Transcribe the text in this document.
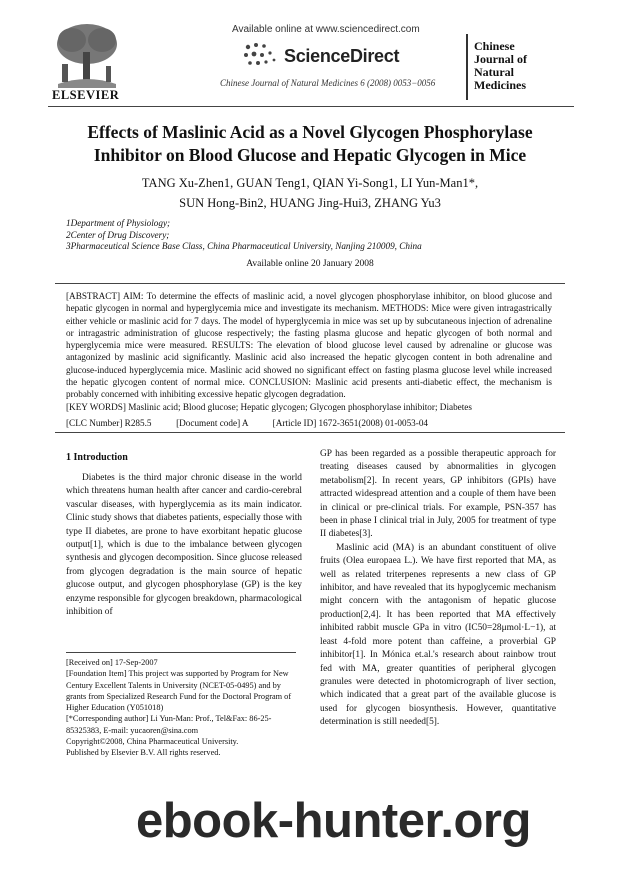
ELSEVIER
Available online at www.sciencedirect.com
ScienceDirect
Chinese Journal of Natural Medicines 6 (2008) 0053−0056
Chinese
Journal of
Natural
Medicines
Effects of Maslinic Acid as a Novel Glycogen Phosphorylase
Inhibitor on Blood Glucose and Hepatic Glycogen in Mice
TANG Xu-Zhen1, GUAN Teng1, QIAN Yi-Song1, LI Yun-Man1*,
SUN Hong-Bin2, HUANG Jing-Hui3, ZHANG Yu3
1Department of Physiology;
2Center of Drug Discovery;
3Pharmaceutical Science Base Class, China Pharmaceutical University, Nanjing 210009, China
Available online 20 January 2008
[ABSTRACT] AIM: To determine the effects of maslinic acid, a novel glycogen phosphorylase inhibitor, on blood glucose and hepatic glycogen in normal and hyperglycemia mice and investigate its mechanism. METHODS: Mice were given intragastrically either vehicle or maslinic acid for 7 days. The model of hyperglycemia in mice was set up by subcutaneous injection of adrenaline or intragastric administration of glucose respectively; the fasting plasma glucose and hepatic glycogen of both normal and hyperglycemia mice were measured. RESULTS: The elevation of blood glucose level caused by adrenaline or glucose was antagonized by maslinic acid significantly. Maslinic acid also increased the hepatic glycogen content in both adrenaline and glucose-induced hyperglycemia mice. Maslinic acid showed no significant effect on fasting plasma glucose level while increased the hepatic glycogen content of normal mice. CONCLUSION: Maslinic acid presents anti-diabetic effect, the mechanism is probably concerned with inhibiting excessive hepatic glycogen degradation.
[KEY WORDS] Maslinic acid; Blood glucose; Hepatic glycogen; Glycogen phosphorylase inhibitor; Diabetes
[CLC Number] R285.5	[Document code] A	[Article ID] 1672-3651(2008) 01-0053-04
1 Introduction

Diabetes is the third major chronic disease in the world which threatens human health after cancer and cardio-cerebral vascular diseases, with hyperglycemia as its main indicator. Clinic study shows that diabetes patients, especially those with type II diabetes, are prone to have exorbitant hepatic glucose output[1], which is due to the imbalance between glycogen synthesis and glycogen decomposition. Since glucose released from glycogen degradation is the main source of hepatic glucose output, and glycogen phosphorylase (GP) is the key enzyme responsible for glycogen breakdown, pharmacological inhibition of

GP has been regarded as a possible therapeutic approach for treating diseases caused by abnormalities in glycogen metabolism[2]. In recent years, GP inhibitors (GPIs) have attracted widespread attention and a couple of them have been in clinical or pre-clinical trials. For example, PSN-357 has been in phase I clinical trial in July, 2005 for treatment of type II diabetes[3].

Maslinic acid (MA) is an abundant constituent of olive fruits (Olea europaea L.). We have first reported that MA, as well as related triterpenes represents a new class of GP inhibitor, and have revealed that its hypoglycemic mechanism might concern with the antagonism of hepatic glucose production[2,4]. It has been reported that MA effectively inhibited rabbit muscle GPa in vitro (IC50=28μmol·L−1), at least 4-fold more potent than caffeine, a proverbial GP inhibitor[1]. In Mónica et.al.'s research about rainbow trout fed with MA, greater quantities of peripheral glycogen granules were detected in photomicrograph of liver section, which indicated that a great part of the available glucose is used for glycogen biosynthesis. However, quantitative determination is still needed[5].

[Received on] 17-Sep-2007
[Foundation Item] This project was supported by Program for New Century Excellent Talents in University (NCET-05-0495) and by grants from Specialized Research Fund for the Doctoral Program of Higher Education (Y051018)
[*Corresponding author] Li Yun-Man: Prof., Tel&Fax: 86-25-85325383, E-mail: yucaoren@sina.com
Copyright©2008, China Pharmaceutical University.
Published by Elsevier B.V. All rights reserved.
ebook-hunter.org
